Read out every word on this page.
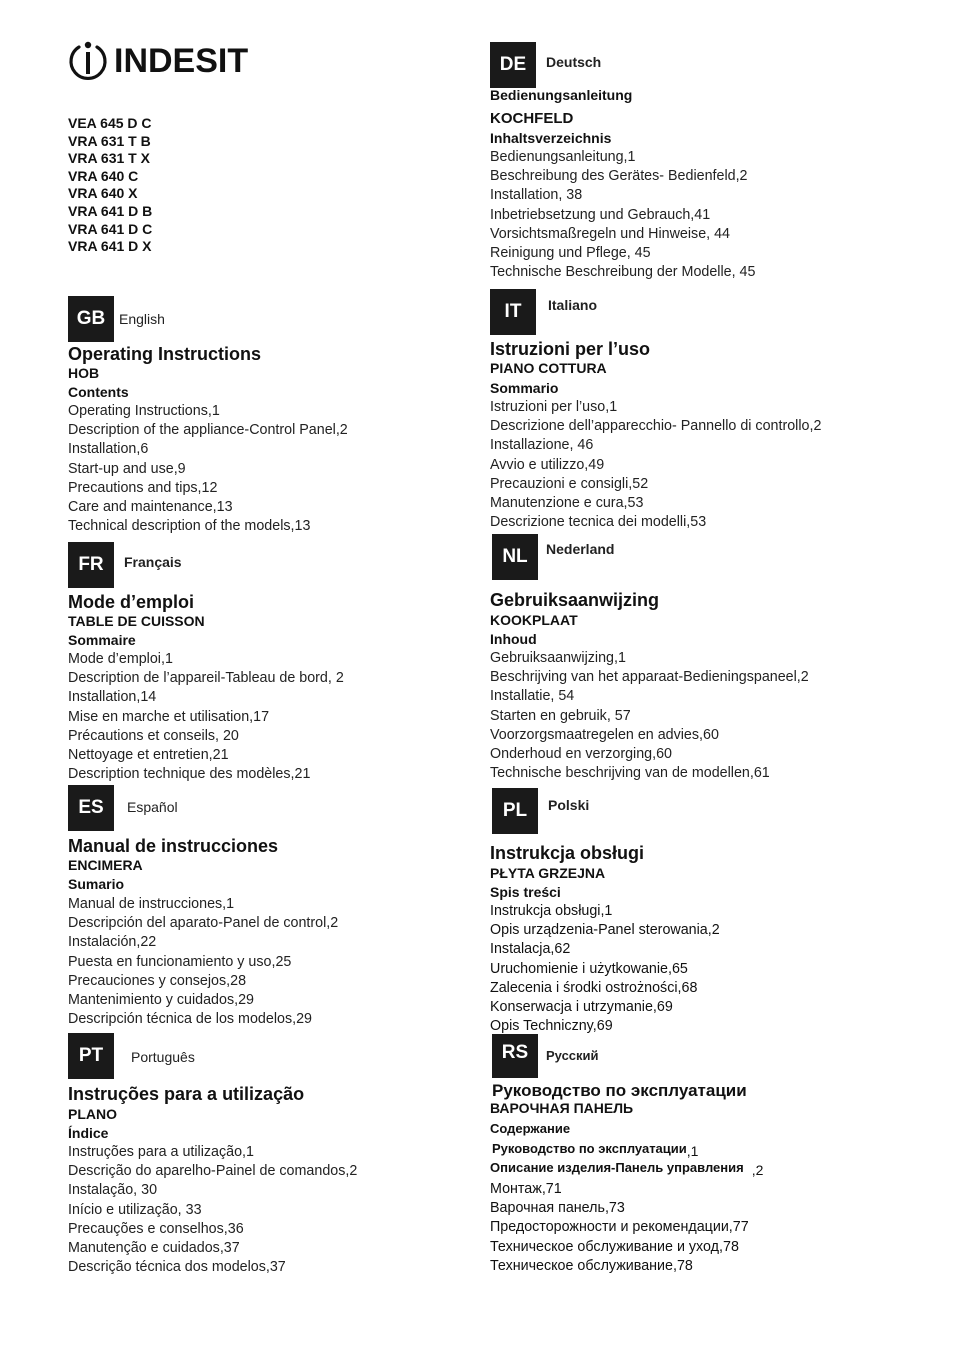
INDESIT
VEA 645 D C
VRA 631 T B
VRA 631 T X
VRA 640 C
VRA 640 X
VRA 641 D B
VRA 641 D C
VRA 641 D X
GB English
Operating Instructions
HOB
Contents
Operating Instructions,1
Description of the appliance-Control Panel,2
Installation,6
Start-up and use,9
Precautions and tips,12
Care and maintenance,13
Technical description of the models,13
FR	Français
Mode d’emploi
TABLE DE CUISSON
Sommaire
Mode d’emploi,1
Description de l’appareil-Tableau de bord, 2
Installation,14
Mise en marche et utilisation,17
Précautions et conseils, 20
Nettoyage et entretien,21
Description technique des modèles,21
ES	Español
Manual de instrucciones
ENCIMERA
Sumario
Manual de instrucciones,1
Descripción del aparato-Panel de control,2
Instalación,22
Puesta en funcionamiento y uso,25
Precauciones y consejos,28
Mantenimiento y cuidados,29
Descripción técnica de los modelos,29
PT	Português
Instruções para a utilização
PLANO
Índice
Instruções para a utilização,1
Descrição do aparelho-Painel de comandos,2
Instalação, 30
Início e utilização, 33
Precauções e conselhos,36
Manutenção e cuidados,37
Descrição técnica dos modelos,37
DE	Deutsch
Bedienungsanleitung
KOCHFELD
Inhaltsverzeichnis
Bedienungsanleitung,1
Beschreibung des Gerätes- Bedienfeld,2
Installation, 38
Inbetriebsetzung und Gebrauch,41
Vorsichtsmaßregeln und Hinweise, 44
Reinigung und Pflege, 45
Technische Beschreibung der Modelle, 45
IT	Italiano
Istruzioni per l’uso
PIANO COTTURA
Sommario
Istruzioni per l’uso,1
Descrizione dell’apparecchio- Pannello di controllo,2
Installazione, 46
Avvio e utilizzo,49
Precauzioni e consigli,52
Manutenzione e cura,53
Descrizione tecnica dei modelli,53
NL	Nederland
Gebruiksaanwijzing
KOOKPLAAT
Inhoud
Gebruiksaanwijzing,1
Beschrijving van het apparaat-Bedieningspaneel,2
Installatie, 54
Starten en gebruik, 57
Voorzorgsmaatregelen en advies,60
Onderhoud en verzorging,60
Technische beschrijving van de modellen,61
PL	Polski
Instrukcja obsługi
PŁYTA GRZEJNA
Spis treści
Instrukcja obsługi,1
Opis urządzenia-Panel sterowania,2
Instalacja,62
Uruchomienie i użytkowanie,65
Zalecenia i środki ostrożności,68
Konserwacja i utrzymanie,69
Opis Techniczny,69
RS	Русский
Руководство по эксплуатации
ВАРОЧНАЯ ПАНЕЛЬ
Содержание
Руководство по эксплуатации,1
Описание изделия-Панель управления ,2
Монтаж,71
Варочная панель,73
Предосторожности и рекомендации,77
Техническое обслуживание и уход,78
Техническое обслуживание,78
